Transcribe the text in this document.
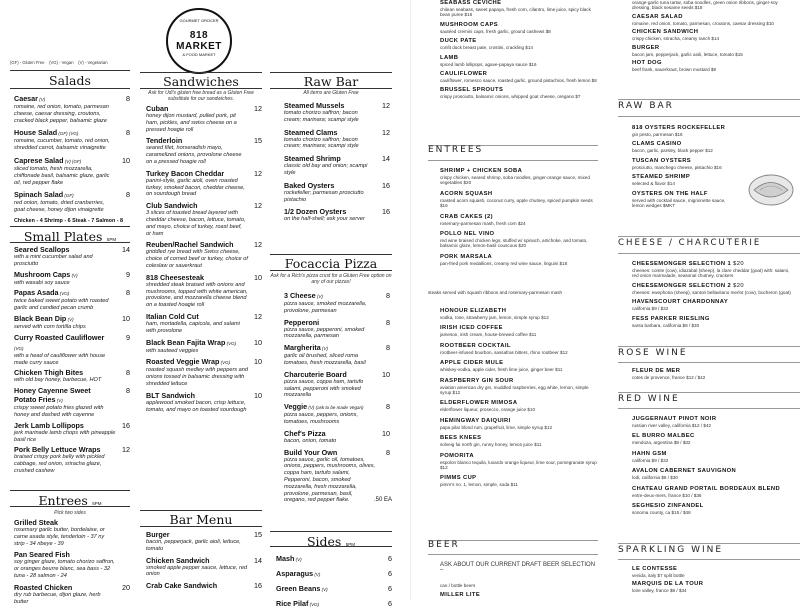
(GF) - Gluten Free (VG) - Vegan (V) - Vegetarian
Salads
Caesar (V)	8
romaine, red onion, tomato, parmesan cheese, caesar dressing, croutons, cracked black pepper, balsamic glaze
House Salad (GF) (VG)	8
romaine, cucumber, tomato, red onion, shredded carrot, balsamic vinaigrette
Caprese Salad (V) (GF)	10
sliced tomato, fresh mozzarella, chiffonade basil, balsamic glaze, garlic oil, red pepper flake
Spinach Salad (GF)	8
red onion, tomato, dried cranberries, goat cheese, honey dijon vinaigrette
Chicken - 4 Shrimp - 6 Steak - 7 Salmon - 8
Small Plates 5PM
Seared Scallops	14
with a mint cucumber salad and prosciutto
Mushroom Caps (V)	9
with wasabi soy sauce
Papas Asada (VG)	8
twice baked sweet potato with roasted garlic and candied pecan crumb
Black Bean Dip (V)	10
served with corn tortilla chips
Curry Roasted Cauliflower (VG)
9
with a head of cauliflower with house made curry sauce
Chicken Thigh Bites	8
with old bay honey, barbecue, HOT
Honey Cayenne Sweet Potato Fries (V)
8
crispy sweet potato fries glazed with honey and dashed with cayenne
Jerk Lamb Lollipops	16
jerk marinade lamb chops with pineapple basil rice
Pork Belly Lettuce Wraps	12
braised crispy pork belly with pickled cabbage, red onion, sriracha glaze, crushed cashew
Entrees 5PM
Pick two sides
Grilled Steak
rosemary garlic butter, bordelaise, or carne asada style, tenderloin - 37 ny strip - 34 ribeye - 39
Pan Seared Fish
soy ginger glaze, tomato chorizo saffron, or oranges beurre blanc, sea bass - 32 tuna - 28 salmon - 24
Roasted Chicken	20
dry rub barbecue, dijon glaze, herb butter
GOURMET GROCER
818 MARKET
& FOOD MARKET
Sandwiches
Ask for Udi's gluten free bread as a Gluten Free substitute for our sandwiches.
Cuban	12
honey dijon mustard, pulled pork, pit ham, pickles, and swiss cheese on a pressed hoagie roll
Tenderloin	15
seared filet, horseradish mayo, caramelized onions, provolone cheese on a pressed hoagie roll
Turkey Bacon Cheddar	12
panini-style, garlic aioli, oven roasted turkey, smoked bacon, cheddar cheese, on sourdough bread
Club Sandwich	12
3 slices of toasted bread layered with cheddar cheese, bacon, lettuce, tomato, and mayo, choice of turkey, roast beef, or ham
Reuben/Rachel Sandwich	12
griddled rye bread with Swiss cheese, choice of corned beef or turkey, choice of coleslaw or sauerkraut
818 Cheesesteak	10
shredded steak braised with onions and mushrooms, topped with white american, provolone, and mozzarella cheese blend on a toasted hoagie roll
Italian Cold Cut	12
ham, mortadella, capicola, and salami with provolone
Black Bean Fajita Wrap (VG)	10
with sauteed veggies
Roasted Veggie Wrap (VG)	10
roasted squash medley with peppers and onions tossed in balsamic dressing with shredded lettuce
BLT Sandwich	10
applewood smoked bacon, crisp lettuce, tomato, and mayo on toasted sourdough
Bar Menu
Burger	15
bacon, pepperjack, garlic aioli, lettuce, tomato
Chicken Sandwich	14
smoked apple pepper sauce, lettuce, red onion
Crab Cake Sandwich	16
Raw Bar
All items are Gluten Free
Steamed Mussels	12
tomato chorizo saffron; bacon cream; marinara; scampi style
Steamed Clams	12
tomato chorizo saffron; bacon cream; marinara; scampi style
Steamed Shrimp	14
classic old bay and onion; scampi style
Baked Oysters	16
rockefeller; parmesan prosciutto pistachio
1/2 Dozen Oysters	16
on the half-shell; ask your server
Focaccia Pizza
Ask for a Rich's pizza crust for a Gluten Free option on any of our pizzas!
3 Cheese (V)	8
pizza sauce, smoked mozzarella, provolone, parmesan
Pepperoni	8
pizza sauce, pepperoni, smoked mozzarella, parmesan
Margherita (V)	8
garlic oil brushed, sliced roma tomatoes, fresh mozzarella, basil
Charcuterie Board	10
pizza sauce, coppa ham, tartufo salami, pepperoni with smoked mozzarella
Veggie (V) (ask to be made Vegan)	8
pizza sauce, peppers, onions, tomatoes, mushrooms
Chef's Pizza	10
bacon, onion, tomato
Build Your Own	8
pizza sauce, garlic oil, tomatoes, onions, peppers, mushrooms, olives, coppa ham, tartufo salami, Pepperoni, bacon, smoked mozzarella, fresh mozzarella, provolone, parmesan, basil, oregano, red pepper flake.	.50 EA
Sides 5PM
Mash (V)	6
Asparagus (V)	6
Green Beans (V)	6
Rice Pilaf (VG)	6
SEABASS CEVICHE
chilean seabass, sweet papaya, fresh corn, cilantro, lime juice, spicy black bean puree $16
MUSHROOM CAPS
sautéed cremini caps, fresh garlic, ground cashews $8
DUCK PATE
confit duck breast pate, crostini, crackling $14
LAMB
spiced lamb lollipops, agave-papaya sauce $16
CAULIFLOWER
cauliflower, romesco sauce, roasted garlic, ground pistachios, fresh lemon $8
BRUSSEL SPROUTS
crispy prosciutto, balsamic onions, whipped goat cheese, oregano $7
ENTREES
SHRIMP + CHICKEN SOBA
crispy chicken, seared shrimp, soba noodles, ginger-orange sauce, mixed vegetables $20
ACORN SQUASH
roasted acorn squash, coconut curry, apple chutney, spiced pumpkin seeds $16
CRAB CAKES (2)
rosemary-parmesan mash, fresh corn $24
POLLO NEL VINO
red wine braised chicken legs, stuffed w/ spinach, artichoke, and tomato, balsamic glaze, lemon-basil couscous $20
PORK MARSALA
pan-fried pork medallions, creamy red wine sauce, linguini $18
steaks served with squash ribbons and rosemary-parmesan mash
HONOUR ELIZABETH
vodka, rose, strawberry jam, lemon, simple syrup $12
IRISH ICED COFFEE
jameson, irish cream, house-brewed coffee $11
ROOTBEER COCKTAIL
rootbeer-infused bourbon, sassafras bitters, rhino rootbeer $12
APPLE CIDER MULE
whiskey-vodka, apple cider, fresh lime juice, ginger beer $11
RASPBERRY GIN SOUR
aviation american dry gin, muddled raspberries, egg white, lemon, simple syrup $12
ELDERFLOWER MIMOSA
elderflower liqueur, prosecco, orange juice $10
HEMINGWAY DAIQUIRI
papa pilar blond rum, grapefruit, lime, simple syrup $12
BEES KNEES
solveig fai north gin, runny honey, lemon juice $11
POMORITA
espolon blanco tequila, luxardo orange liqueur, lime sour, pomegranate syrup $12
PIMMS CUP
pimm's no. 1, lemon, simple, soda $11
BEER
ASK ABOUT OUR CURRENT DRAFT BEER SELECTION –
can / bottle beers
MILLER LITE
orange-garlic tuna tartar, soba noodles, green onion ribbons, ginger-soy dressing, black sesame seeds $18
CAESAR SALAD
romaine, red onion, tomato, parmesan, croutons, caesar dressing $10
CHICKEN SANDWICH
crispy chicken, sriracha, creamy ranch $14
BURGER
bacon jam, pepperjack, garlic aioli, lettuce, tomato $15
HOT DOG
beef frank, sauerkraut, brown mustard $8
RAW BAR
818 OYSTERS ROCKEFELLER
gin pesto, parmesan $16
CLAMS CASINO
bacon, garlic, parsley, black pepper $12
TUSCAN OYSTERS
prosciutto, manchego cheese, pistachio $16
STEAMED SHRIMP
selected & flavor $14
OYSTERS ON THE HALF
served with cocktail sauce, mignonette sauce, lemon wedges $MKT
CHEESE / CHARCUTERIE
CHEESEMONGER SELECTION 1 $20
cheeses: comte (cow), idiazabal (sheep), la clare cheddar (goat) with: salami, red onion marmalade, seasonal chutney, crackers
CHEESEMONGER SELECTION 2 $20
cheeses: ewephoria (sheep), santori bellavitano merlot (cow), bucheron (goat)
HAVENSCOURT CHARDONNAY
california $9 / $32
FESS PARKER RIESLING
santa barbara, california $8 / $30
ROSE WINE
FLEUR DE MER
cotes de provence, france $12 / $42
RED WINE
JUGGERNAUT PINOT NOIR
russian river valley, california $12 / $42
EL BURRO MALBEC
mendoza, argentina $9 / $32
HAHN GSM
california $9 / $32
AVALON CABERNET SAUVIGNON
lodi, california $8 / $30
CHATEAU GRAND PORTAIL BORDEAUX BLEND
entre-deux-mers, france $10 / $36
SEGHESIO ZINFANDEL
sonoma county, ca $15 / $48
SPARKLING WINE
LE CONTESSE
venida, italy $7 split bottle
MARQUIS DE LA TOUR
loire valley, france $9 / $34
